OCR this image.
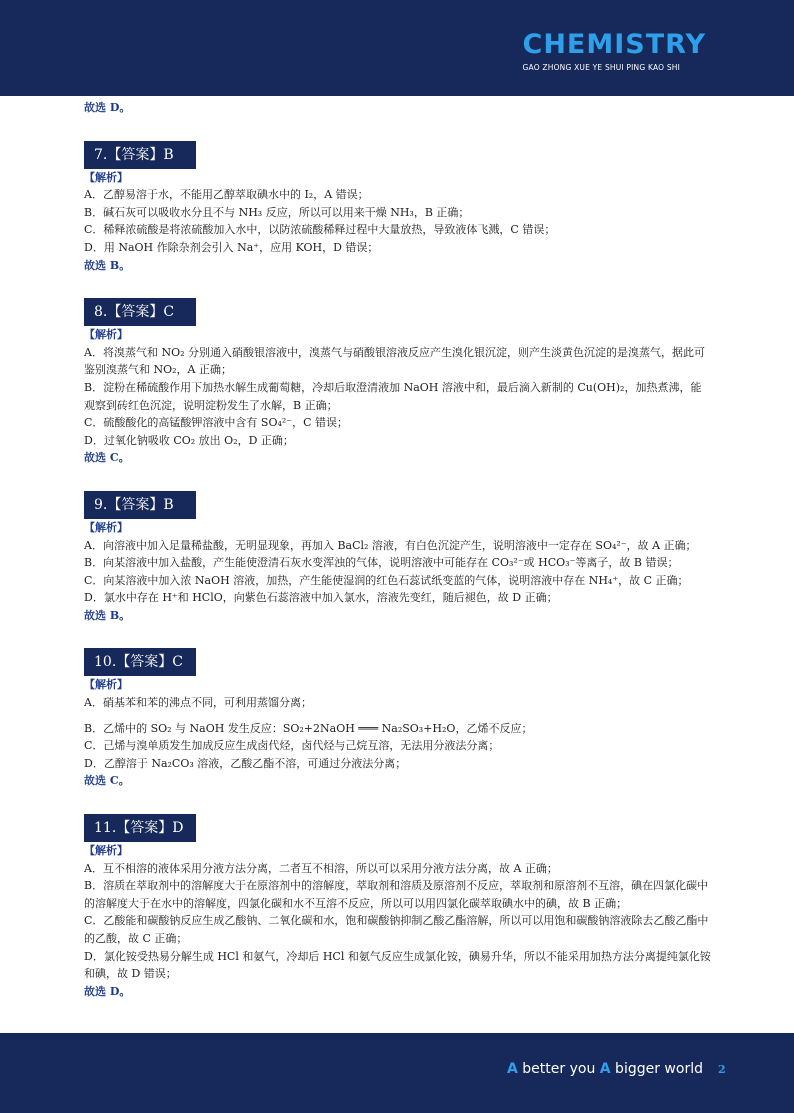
CHEMISTRY
GAO ZHONG XUE YE SHUI PING KAO SHI
故选 D。
7.【答案】B
【解析】
A．乙醇易溶于水，不能用乙醇萃取碘水中的 I₂，A 错误；
B．碱石灰可以吸收水分且不与 NH₃ 反应，所以可以用来干燥 NH₃，B 正确；
C．稀释浓硫酸是将浓硫酸加入水中，以防浓硫酸稀释过程中大量放热，导致液体飞溅，C 错误；
D．用 NaOH 作除杂剂会引入 Na⁺，应用 KOH，D 错误；
故选 B。
8.【答案】C
【解析】
A．将溴蒸气和 NO₂ 分别通入硝酸银溶液中，溴蒸气与硝酸银溶液反应产生溴化银沉淀，则产生淡黄色沉淀的是溴蒸气，据此可鉴别溴蒸气和 NO₂，A 正确；
B．淀粉在稀硫酸作用下加热水解生成葡萄糖，冷却后取澄清液加 NaOH 溶液中和，最后滴入新制的 Cu(OH)₂，加热煮沸，能观察到砖红色沉淀，说明淀粉发生了水解，B 正确；
C．硫酸酸化的高锰酸钾溶液中含有 SO₄²⁻，C 错误；
D．过氧化钠吸收 CO₂ 放出 O₂，D 正确；
故选 C。
9.【答案】B
【解析】
A．向溶液中加入足量稀盐酸，无明显现象，再加入 BaCl₂ 溶液，有白色沉淀产生，说明溶液中一定存在 SO₄²⁻，故 A 正确；
B．向某溶液中加入盐酸，产生能使澄清石灰水变浑浊的气体，说明溶液中可能存在 CO₃²⁻或 HCO₃⁻等离子，故 B 错误；
C．向某溶液中加入浓 NaOH 溶液，加热，产生能使湿润的红色石蕊试纸变蓝的气体，说明溶液中存在 NH₄⁺，故 C 正确；
D．氯水中存在 H⁺和 HClO，向紫色石蕊溶液中加入氯水，溶液先变红，随后褪色，故 D 正确；
故选 B。
10.【答案】C
【解析】
A．硝基苯和苯的沸点不同，可利用蒸馏分离；
B．乙烯中的 SO₂ 与 NaOH 发生反应：SO₂+2NaOH ═══ Na₂SO₃+H₂O，乙烯不反应；
C．己烯与溴单质发生加成反应生成卤代烃，卤代烃与己烷互溶，无法用分液法分离；
D．乙醇溶于 Na₂CO₃ 溶液，乙酸乙酯不溶，可通过分液法分离；
故选 C。
11.【答案】D
【解析】
A．互不相溶的液体采用分液方法分离，二者互不相溶，所以可以采用分液方法分离，故 A 正确；
B．溶质在萃取剂中的溶解度大于在原溶剂中的溶解度，萃取剂和溶质及原溶剂不反应，萃取剂和原溶剂不互溶，碘在四氯化碳中的溶解度大于在水中的溶解度，四氯化碳和水不互溶不反应，所以可以用四氯化碳萃取碘水中的碘，故 B 正确；
C．乙酸能和碳酸钠反应生成乙酸钠、二氧化碳和水，饱和碳酸钠抑制乙酸乙酯溶解，所以可以用饱和碳酸钠溶液除去乙酸乙酯中的乙酸，故 C 正确；
D．氯化铵受热易分解生成 HCl 和氨气，冷却后 HCl 和氨气反应生成氯化铵，碘易升华，所以不能采用加热方法分离提纯氯化铵和碘，故 D 错误；
故选 D。
A better you A bigger world 2
